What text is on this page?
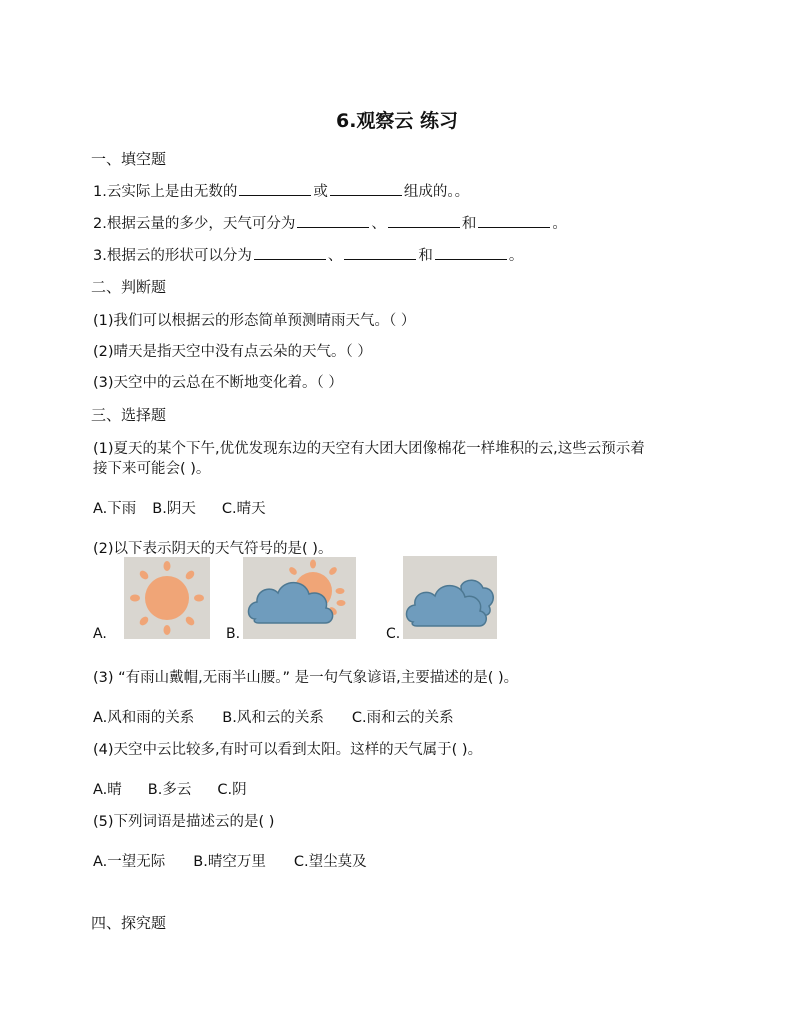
6.观察云 练习
一、填空题
1.云实际上是由无数的	或	组成的。。
2.根据云量的多少，天气可分为	、	和	。
3.根据云的形状可以分为	、	和	。
二、判断题
(1)我们可以根据云的形态简单预测晴雨天气。（ ）
(2)晴天是指天空中没有点云朵的天气。（ ）
(3)天空中的云总在不断地变化着。（ ）
三、选择题
(1)夏天的某个下午,优优发现东边的天空有大团大团像棉花一样堆积的云,这些云预示着
接下来可能会( )。
A.下雨 B.阴天 C.晴天
(2)以下表示阴天的天气符号的是( )。
A.	B.	C.
(3) “有雨山戴帽,无雨半山腰。” 是一句气象谚语,主要描述的是( )。
A.风和雨的关系 B.风和云的关系 C.雨和云的关系
(4)天空中云比较多,有时可以看到太阳。这样的天气属于( )。
A.晴 B.多云 C.阴
(5)下列词语是描述云的是( )
A.一望无际 B.晴空万里 C.望尘莫及
四、探究题
